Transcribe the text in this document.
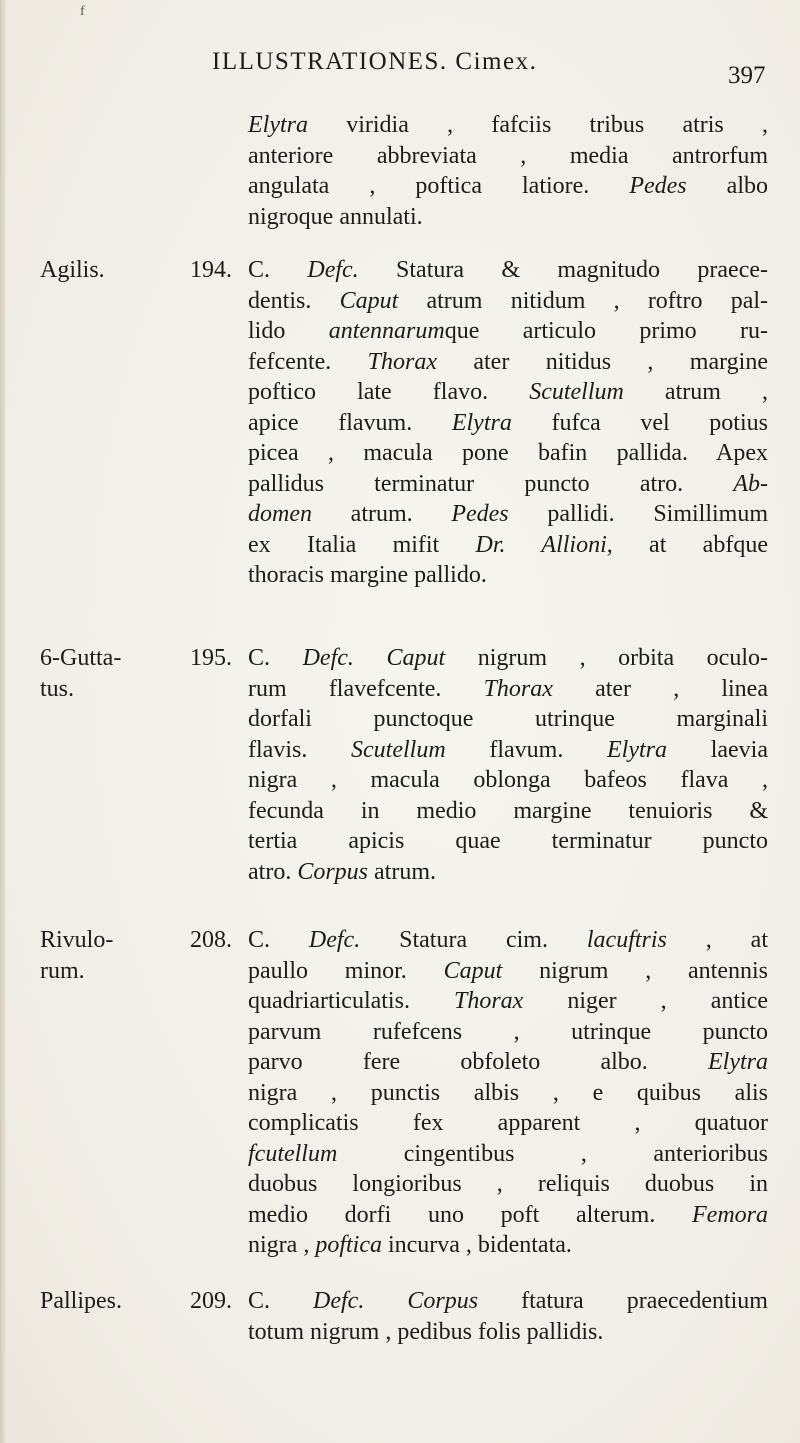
f
ILLUSTRATIONES. Cimex.
397
Elytra viridia , fafciis tribus atris ,
anteriore abbreviata , media antrorfum
angulata , poftica latiore. Pedes albo
nigroque annulati.
Agilis.	194. C. Defc. Statura & magnitudo praece-
dentis. Caput atrum nitidum , roftro pal-
lido antennarumque articulo primo ru-
fefcente. Thorax ater nitidus , margine
poftico late flavo. Scutellum atrum ,
apice flavum. Elytra fufca vel potius
picea , macula pone bafin pallida. Apex
pallidus terminatur puncto atro. Ab-
domen atrum. Pedes pallidi. Simillimum
ex Italia mifit Dr. Allioni, at abfque
thoracis margine pallido.
6-Gutta-
tus.
195. C. Defc. Caput nigrum , orbita oculo-
rum flavefcente. Thorax ater , linea
dorfali punctoque utrinque marginali
flavis. Scutellum flavum. Elytra laevia
nigra , macula oblonga bafeos flava ,
fecunda in medio margine tenuioris &
tertia apicis quae terminatur puncto
atro. Corpus atrum.
Rivulo-
rum.
208. C. Defc. Statura cim. lacuftris , at
paullo minor. Caput nigrum , antennis
quadriarticulatis. Thorax niger , antice
parvum rufefcens , utrinque puncto
parvo fere obfoleto albo. Elytra
nigra , punctis albis , e quibus alis
complicatis fex apparent , quatuor
fcutellum cingentibus , anterioribus
duobus longioribus , reliquis duobus in
medio dorfi uno poft alterum. Femora
nigra , poftica incurva , bidentata.
Pallipes.	209. C. Defc. Corpus ftatura praecedentium
totum nigrum , pedibus folis pallidis.
